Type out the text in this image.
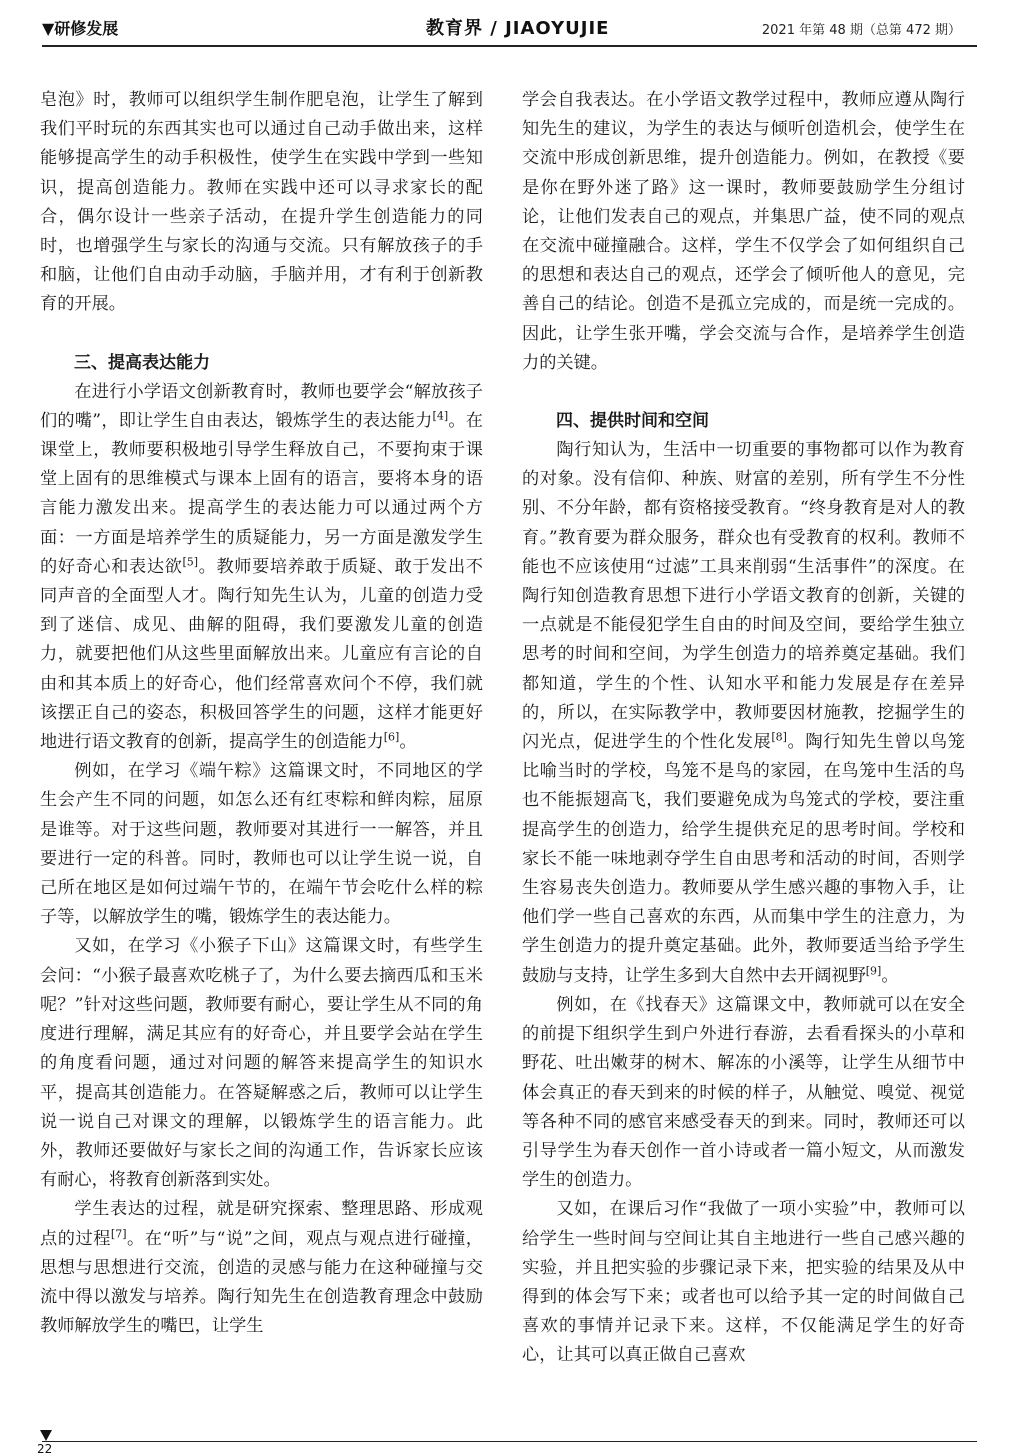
▼研修发展	教育界 / JIAOYUJIE	2021 年第 48 期（总第 472 期）

皂泡》时，教师可以组织学生制作肥皂泡，让学生了解到我们平时玩的东西其实也可以通过自己动手做出来，这样能够提高学生的动手积极性，使学生在实践中学到一些知识，提高创造能力。教师在实践中还可以寻求家长的配合，偶尔设计一些亲子活动，在提升学生创造能力的同时，也增强学生与家长的沟通与交流。只有解放孩子的手和脑，让他们自由动手动脑，手脑并用，才有利于创新教育的开展。

三、提高表达能力

在进行小学语文创新教育时，教师也要学会“解放孩子们的嘴”，即让学生自由表达，锻炼学生的表达能力[4]。在课堂上，教师要积极地引导学生释放自己，不要拘束于课堂上固有的思维模式与课本上固有的语言，要将本身的语言能力激发出来。提高学生的表达能力可以通过两个方面：一方面是培养学生的质疑能力，另一方面是激发学生的好奇心和表达欲[5]。教师要培养敢于质疑、敢于发出不同声音的全面型人才。陶行知先生认为，儿童的创造力受到了迷信、成见、曲解的阻碍，我们要激发儿童的创造力，就要把他们从这些里面解放出来。儿童应有言论的自由和其本质上的好奇心，他们经常喜欢问个不停，我们就该摆正自己的姿态，积极回答学生的问题，这样才能更好地进行语文教育的创新，提高学生的创造能力[6]。

例如，在学习《端午粽》这篇课文时，不同地区的学生会产生不同的问题，如怎么还有红枣粽和鲜肉粽，屈原是谁等。对于这些问题，教师要对其进行一一解答，并且要进行一定的科普。同时，教师也可以让学生说一说，自己所在地区是如何过端午节的，在端午节会吃什么样的粽子等，以解放学生的嘴，锻炼学生的表达能力。

又如，在学习《小猴子下山》这篇课文时，有些学生会问：“小猴子最喜欢吃桃子了，为什么要去摘西瓜和玉米呢？”针对这些问题，教师要有耐心，要让学生从不同的角度进行理解，满足其应有的好奇心，并且要学会站在学生的角度看问题，通过对问题的解答来提高学生的知识水平，提高其创造能力。在答疑解惑之后，教师可以让学生说一说自己对课文的理解，以锻炼学生的语言能力。此外，教师还要做好与家长之间的沟通工作，告诉家长应该有耐心，将教育创新落到实处。

学生表达的过程，就是研究探索、整理思路、形成观点的过程[7]。在“听”与“说”之间，观点与观点进行碰撞，思想与思想进行交流，创造的灵感与能力在这种碰撞与交流中得以激发与培养。陶行知先生在创造教育理念中鼓励教师解放学生的嘴巴，让学生

学会自我表达。在小学语文教学过程中，教师应遵从陶行知先生的建议，为学生的表达与倾听创造机会，使学生在交流中形成创新思维，提升创造能力。例如，在教授《要是你在野外迷了路》这一课时，教师要鼓励学生分组讨论，让他们发表自己的观点，并集思广益，使不同的观点在交流中碰撞融合。这样，学生不仅学会了如何组织自己的思想和表达自己的观点，还学会了倾听他人的意见，完善自己的结论。创造不是孤立完成的，而是统一完成的。因此，让学生张开嘴，学会交流与合作，是培养学生创造力的关键。

四、提供时间和空间

陶行知认为，生活中一切重要的事物都可以作为教育的对象。没有信仰、种族、财富的差别，所有学生不分性别、不分年龄，都有资格接受教育。“终身教育是对人的教育。”教育要为群众服务，群众也有受教育的权利。教师不能也不应该使用“过滤”工具来削弱“生活事件”的深度。在陶行知创造教育思想下进行小学语文教育的创新，关键的一点就是不能侵犯学生自由的时间及空间，要给学生独立思考的时间和空间，为学生创造力的培养奠定基础。我们都知道，学生的个性、认知水平和能力发展是存在差异的，所以，在实际教学中，教师要因材施教，挖掘学生的闪光点，促进学生的个性化发展[8]。陶行知先生曾以鸟笼比喻当时的学校，鸟笼不是鸟的家园，在鸟笼中生活的鸟也不能振翅高飞，我们要避免成为鸟笼式的学校，要注重提高学生的创造力，给学生提供充足的思考时间。学校和家长不能一味地剥夺学生自由思考和活动的时间，否则学生容易丧失创造力。教师要从学生感兴趣的事物入手，让他们学一些自己喜欢的东西，从而集中学生的注意力，为学生创造力的提升奠定基础。此外，教师要适当给予学生鼓励与支持，让学生多到大自然中去开阔视野[9]。

例如，在《找春天》这篇课文中，教师就可以在安全的前提下组织学生到户外进行春游，去看看探头的小草和野花、吐出嫩芽的树木、解冻的小溪等，让学生从细节中体会真正的春天到来的时候的样子，从触觉、嗅觉、视觉等各种不同的感官来感受春天的到来。同时，教师还可以引导学生为春天创作一首小诗或者一篇小短文，从而激发学生的创造力。

又如，在课后习作“我做了一项小实验”中，教师可以给学生一些时间与空间让其自主地进行一些自己感兴趣的实验，并且把实验的步骤记录下来，把实验的结果及从中得到的体会写下来；或者也可以给予其一定的时间做自己喜欢的事情并记录下来。这样，不仅能满足学生的好奇心，让其可以真正做自己喜欢

22
